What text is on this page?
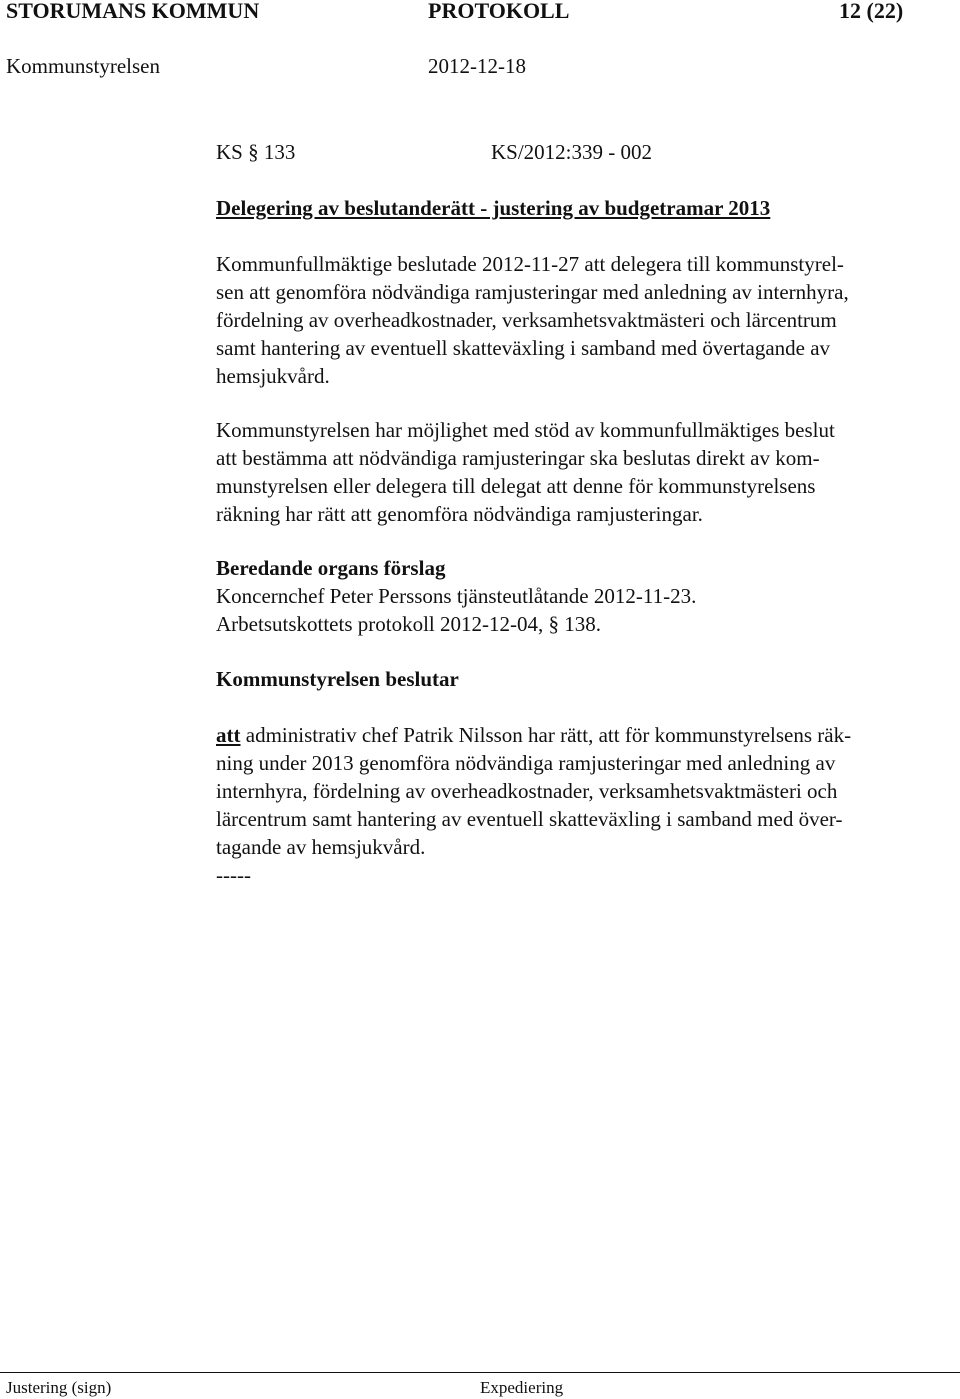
STORUMANS KOMMUN	PROTOKOLL	12 (22)
Kommunstyrelsen	2012-12-18
KS § 133	KS/2012:339 - 002
Delegering av beslutanderätt - justering av budgetramar 2013
Kommunfullmäktige beslutade 2012-11-27 att delegera till kommunstyrel-
sen att genomföra nödvändiga ramjusteringar med anledning av internhyra,
fördelning av overheadkostnader, verksamhetsvaktmästeri och lärcentrum
samt hantering av eventuell skatteväxling i samband med övertagande av
hemsjukvård.
Kommunstyrelsen har möjlighet med stöd av kommunfullmäktiges beslut
att bestämma att nödvändiga ramjusteringar ska beslutas direkt av kom-
munstyrelsen eller delegera till delegat att denne för kommunstyrelsens
räkning har rätt att genomföra nödvändiga ramjusteringar.
Beredande organs förslag
Koncernchef Peter Perssons tjänsteutlåtande 2012-11-23.
Arbetsutskottets protokoll 2012-12-04, § 138.
Kommunstyrelsen beslutar
att administrativ chef Patrik Nilsson har rätt, att för kommunstyrelsens räk-
ning under 2013 genomföra nödvändiga ramjusteringar med anledning av
internhyra, fördelning av overheadkostnader, verksamhetsvaktmästeri och
lärcentrum samt hantering av eventuell skatteväxling i samband med över-
tagande av hemsjukvård.
-----
Justering (sign)	Expediering
